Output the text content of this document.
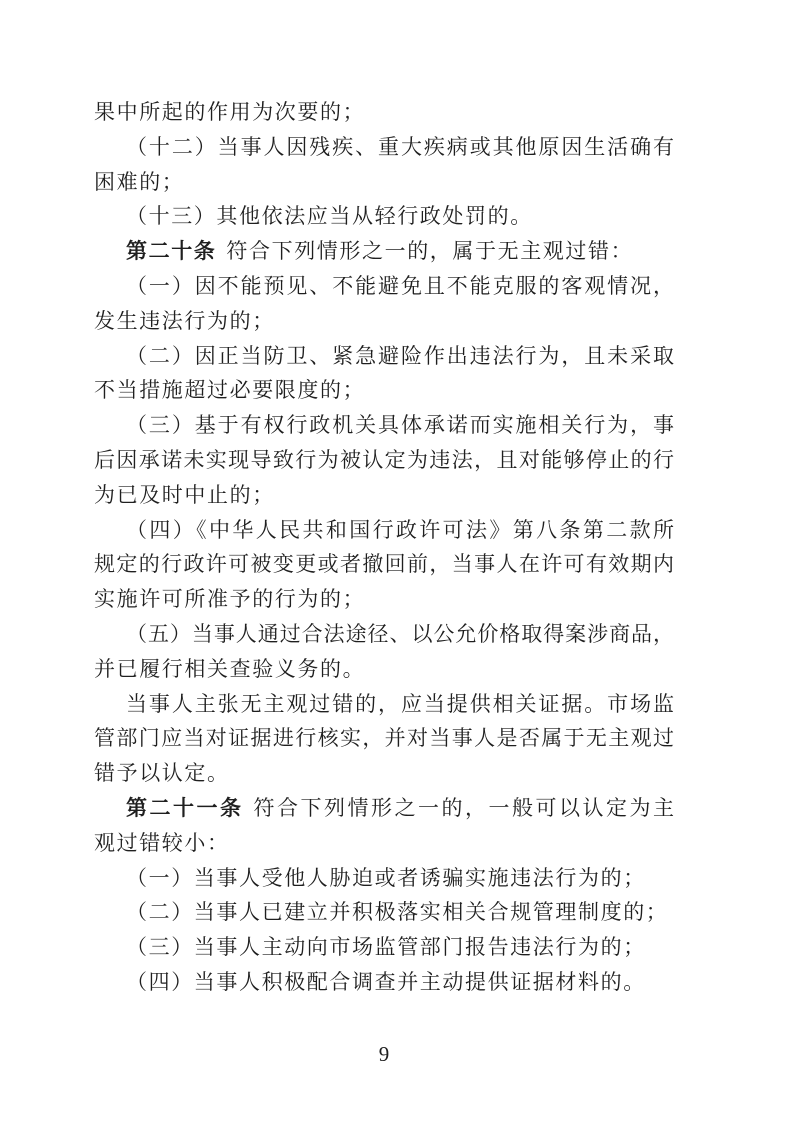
果中所起的作用为次要的；
（十二）当事人因残疾、重大疾病或其他原因生活确有
困难的；
（十三）其他依法应当从轻行政处罚的。
第二十条 符合下列情形之一的，属于无主观过错：
（一）因不能预见、不能避免且不能克服的客观情况，
发生违法行为的；
（二）因正当防卫、紧急避险作出违法行为，且未采取
不当措施超过必要限度的；
（三）基于有权行政机关具体承诺而实施相关行为，事
后因承诺未实现导致行为被认定为违法，且对能够停止的行
为已及时中止的；
（四）《中华人民共和国行政许可法》第八条第二款所
规定的行政许可被变更或者撤回前，当事人在许可有效期内
实施许可所准予的行为的；
（五）当事人通过合法途径、以公允价格取得案涉商品，
并已履行相关查验义务的。
当事人主张无主观过错的，应当提供相关证据。市场监
管部门应当对证据进行核实，并对当事人是否属于无主观过
错予以认定。
第二十一条 符合下列情形之一的，一般可以认定为主
观过错较小：
（一）当事人受他人胁迫或者诱骗实施违法行为的；
（二）当事人已建立并积极落实相关合规管理制度的；
（三）当事人主动向市场监管部门报告违法行为的；
（四）当事人积极配合调查并主动提供证据材料的。
9
